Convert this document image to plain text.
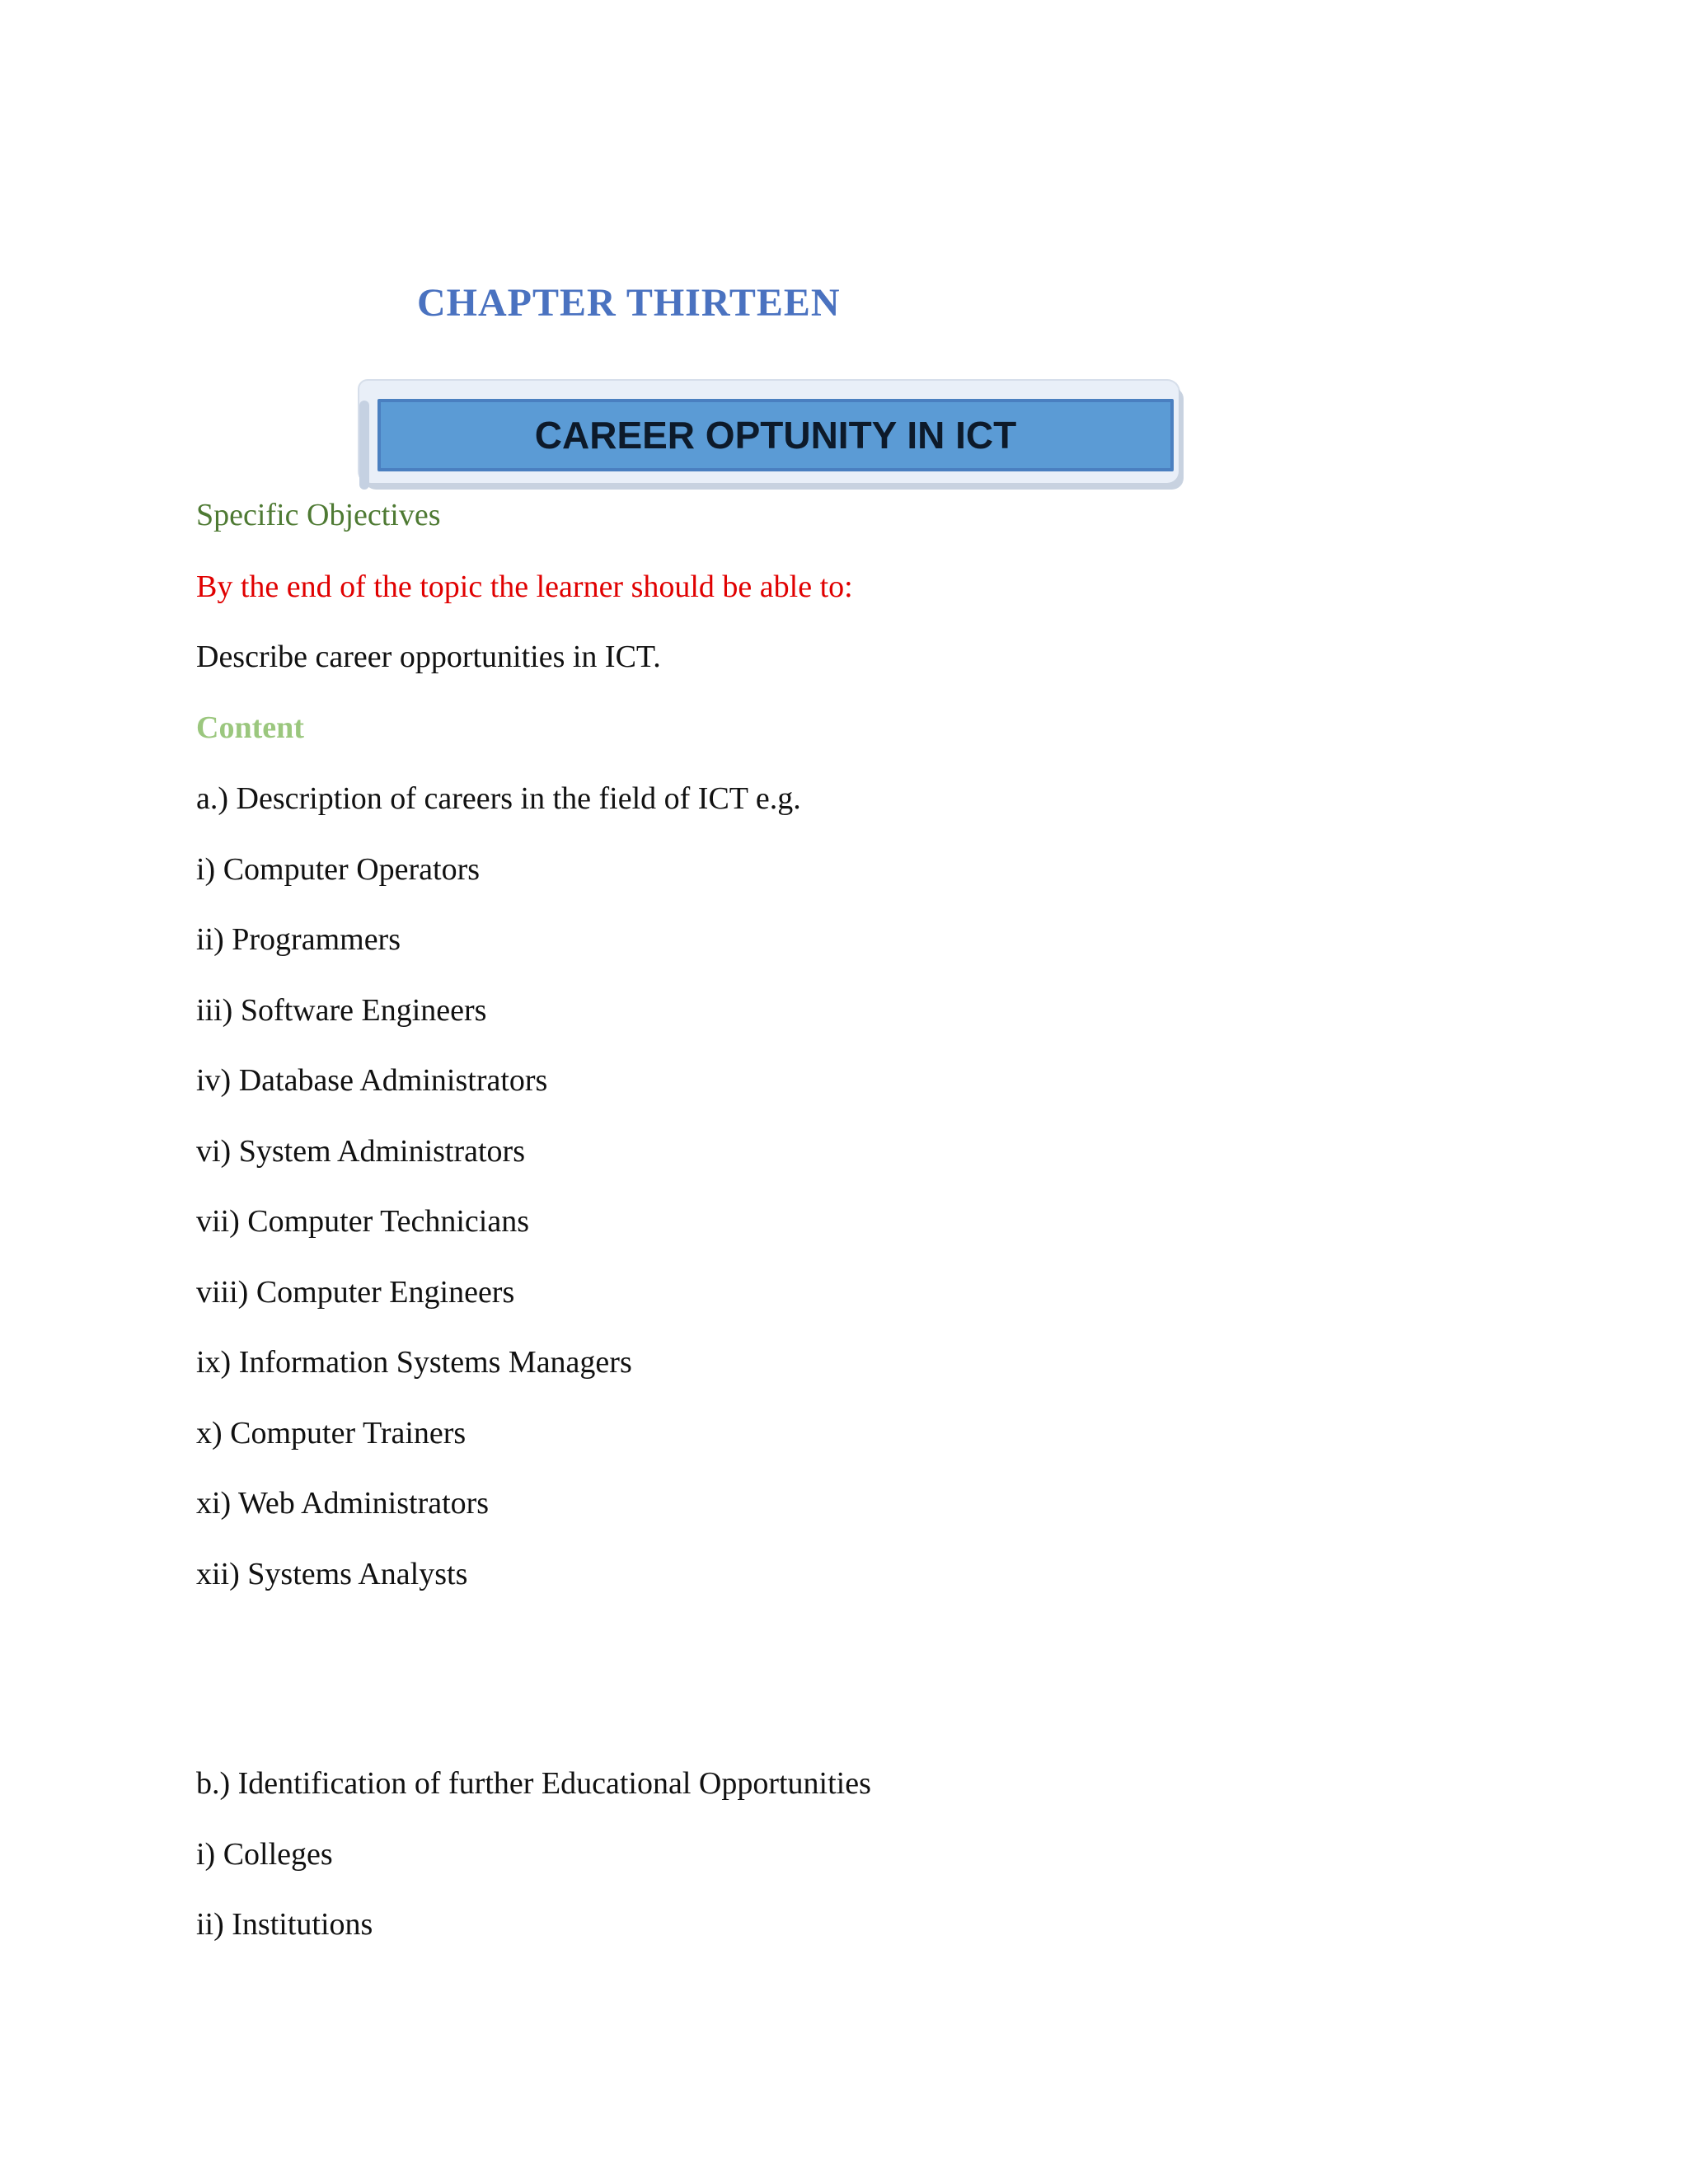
CHAPTER THIRTEEN
CAREER OPTUNITY IN ICT
Specific Objectives
By the end of the topic the learner should be able to:
Describe career opportunities in ICT.
Content
a.) Description of careers in the field of ICT e.g.
i) Computer Operators
ii) Programmers
iii) Software Engineers
iv) Database Administrators
vi) System Administrators
vii) Computer Technicians
viii) Computer Engineers
ix) Information Systems Managers
x) Computer Trainers
xi) Web Administrators
xii) Systems Analysts
b.) Identification of further Educational Opportunities
i) Colleges
ii) Institutions
